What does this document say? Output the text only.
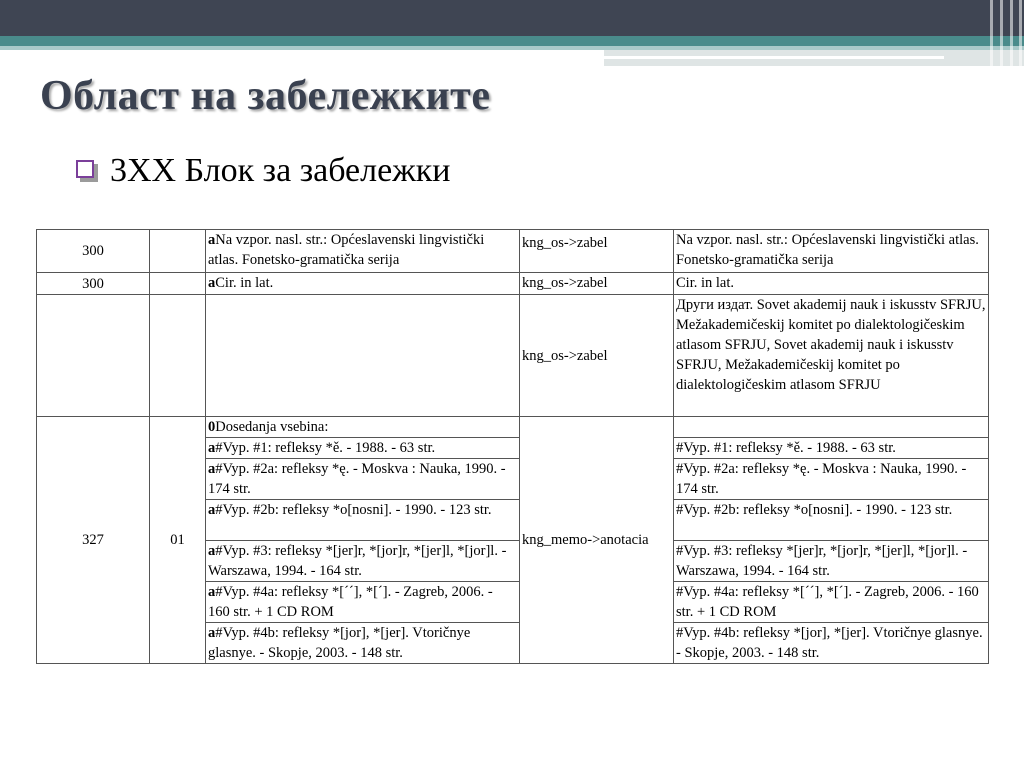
Област на забележките
3XX Блок за забележки
300		aNa vzpor. nasl. str.: Općeslavenski lingvistički atlas. Fonetsko-gramatička serija	kng_os->zabel	Na vzpor. nasl. str.: Općeslavenski lingvistički atlas. Fonetsko-gramatička serija
300		aCir. in lat.	kng_os->zabel	Cir. in lat.
			kng_os->zabel	Други издат. Sovet akademij nauk i iskusstv SFRJU, Mežakademičeskij komitet po dialektologičeskim atlasom SFRJU, Sovet akademij nauk i iskusstv SFRJU, Mežakademičeskij komitet po dialektologičeskim atlasom SFRJU
327	01	0Dosedanja vsebina:	kng_memo->anotacia	
		a#Vyp. #1: refleksy *ě. - 1988. - 63 str.		#Vyp. #1: refleksy *ě. - 1988. - 63 str.
		a#Vyp. #2a: refleksy *ę. - Moskva : Nauka, 1990. - 174 str.		#Vyp. #2a: refleksy *ę. - Moskva : Nauka, 1990. - 174 str.
		a#Vyp. #2b: refleksy *o[nosni]. - 1990. - 123 str.		#Vyp. #2b: refleksy *o[nosni]. - 1990. - 123 str.
		a#Vyp. #3: refleksy *[jer]r, *[jor]r, *[jer]l, *[jor]l. - Warszawa, 1994. - 164 str.		#Vyp. #3: refleksy *[jer]r, *[jor]r, *[jer]l, *[jor]l. - Warszawa, 1994. - 164 str.
		a#Vyp. #4a: refleksy *[´´], *[´]. - Zagreb, 2006. - 160 str. + 1 CD ROM		#Vyp. #4a: refleksy *[´´], *[´]. - Zagreb, 2006. - 160 str. + 1 CD ROM
		a#Vyp. #4b: refleksy *[jor], *[jer]. Vtoričnye glasnye. - Skopje, 2003. - 148 str.		#Vyp. #4b: refleksy *[jor], *[jer]. Vtoričnye glasnye. - Skopje, 2003. - 148 str.
